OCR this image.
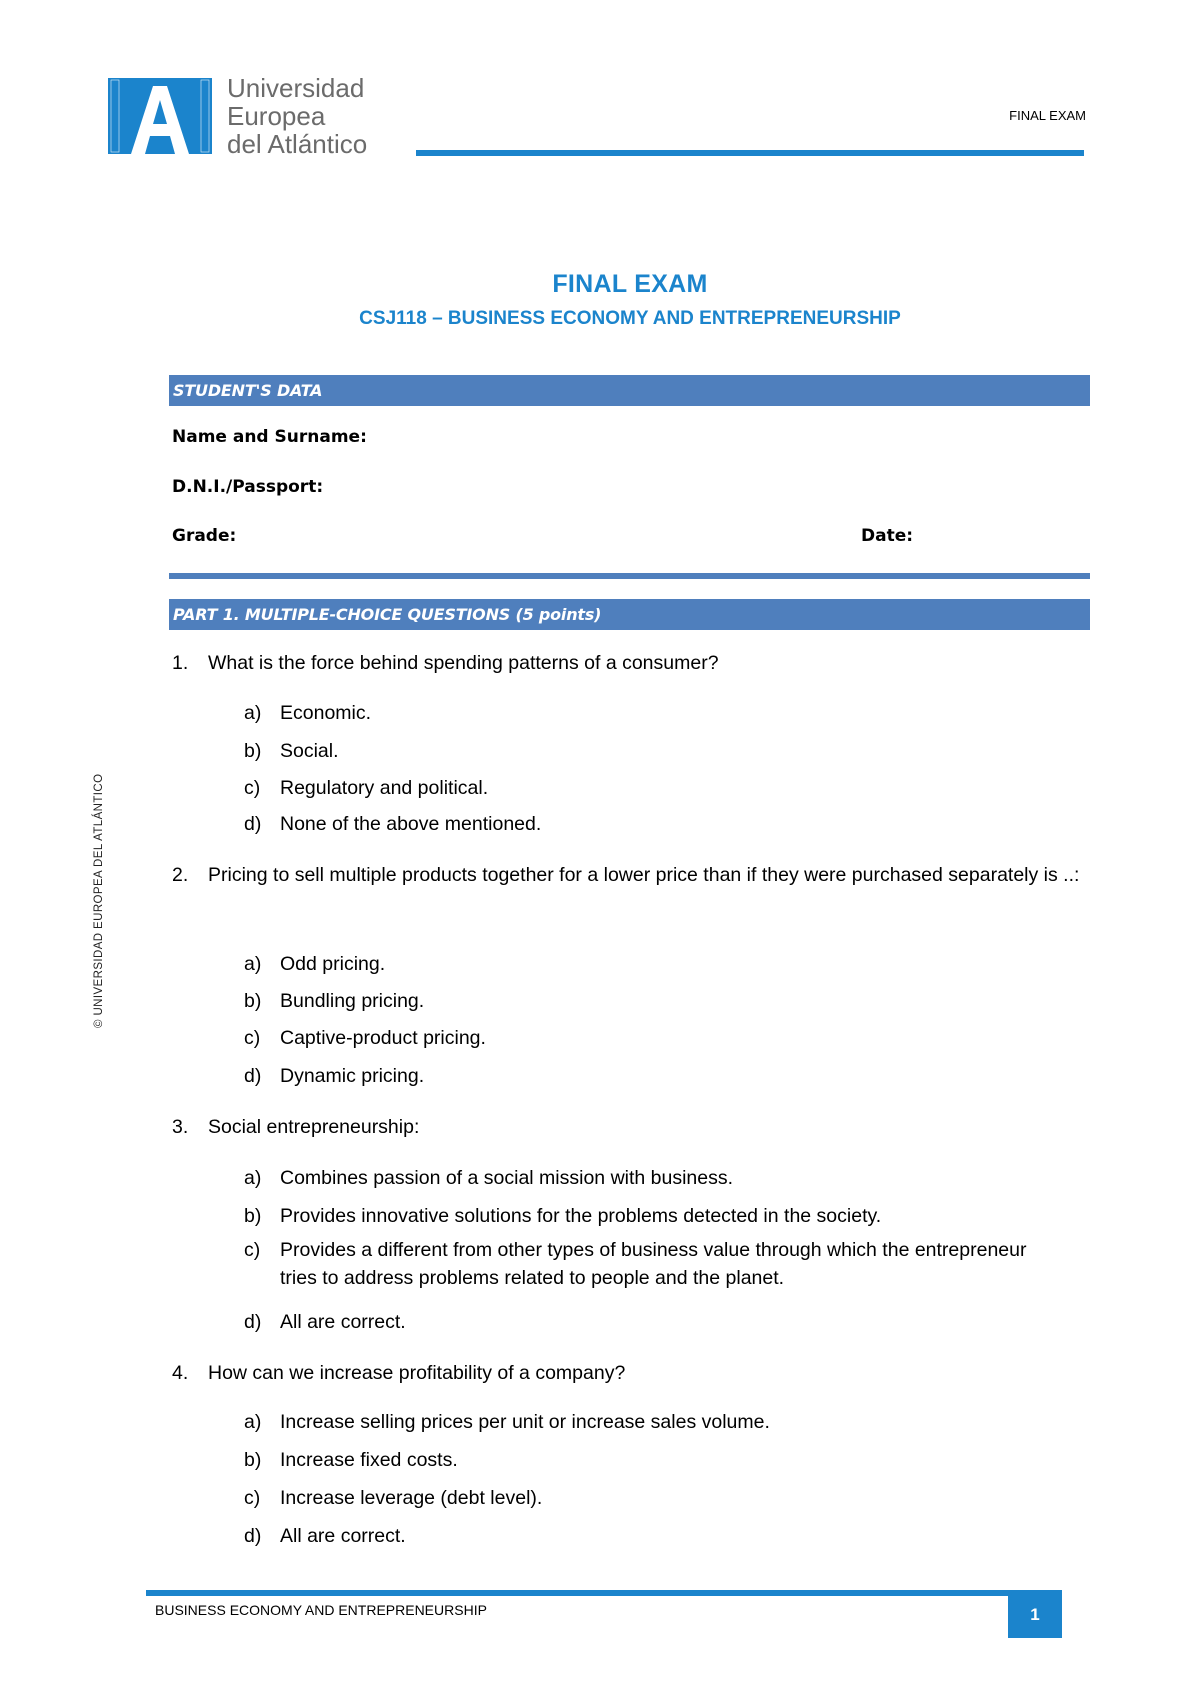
Universidad
Europea
del Atlántico
FINAL EXAM
FINAL EXAM
CSJ118 – BUSINESS ECONOMY AND ENTREPRENEURSHIP
STUDENT'S DATA
Name and Surname:
D.N.I./Passport:
Grade:	Date:
PART 1. MULTIPLE-CHOICE QUESTIONS (5 points)
1. What is the force behind spending patterns of a consumer?
a) Economic.
b) Social.
c) Regulatory and political.
d) None of the above mentioned.
2. Pricing to sell multiple products together for a lower price than if they were purchased separately is ..:
a) Odd pricing.
b) Bundling pricing.
c) Captive-product pricing.
d) Dynamic pricing.
3. Social entrepreneurship:
a) Combines passion of a social mission with business.
b) Provides innovative solutions for the problems detected in the society.
c) Provides a different from other types of business value through which the entrepreneur tries to address problems related to people and the planet.
d) All are correct.
4. How can we increase profitability of a company?
a) Increase selling prices per unit or increase sales volume.
b) Increase fixed costs.
c) Increase leverage (debt level).
d) All are correct.
© UNIVERSIDAD EUROPEA DEL ATLÁNTICO
BUSINESS ECONOMY AND ENTREPRENEURSHIP	1
